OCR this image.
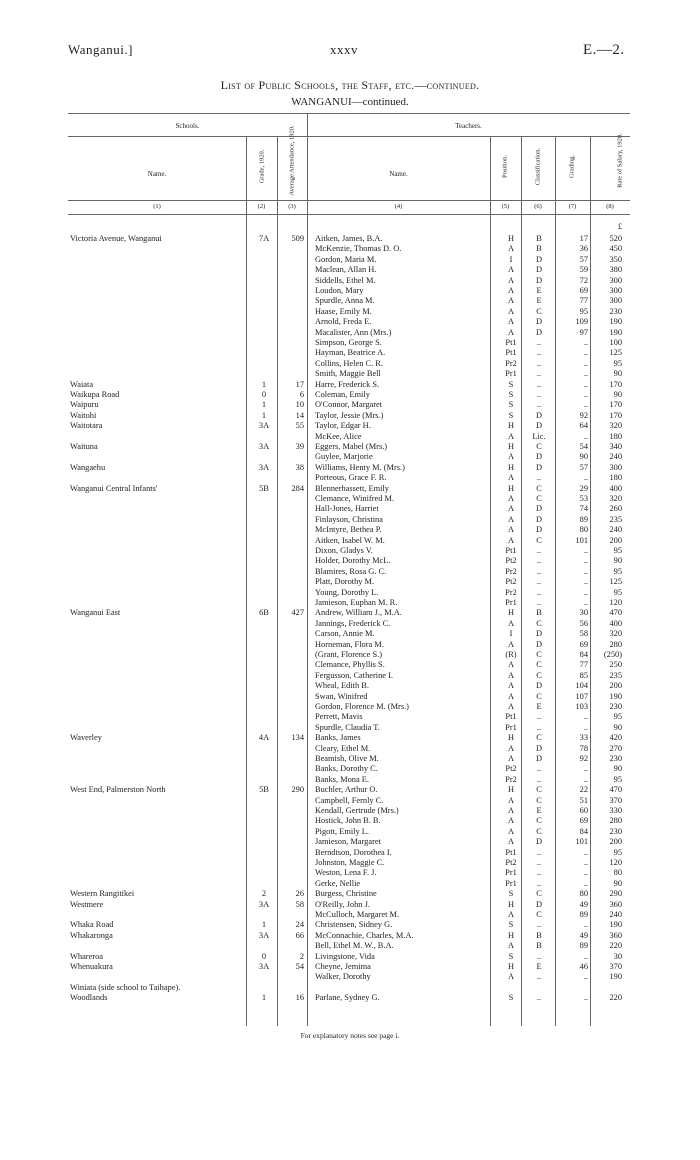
Wanganui.]	xxxv	E.—2.
List of Public Schools, the Staff, etc.—continued.
WANGANUI—continued.
Schools.	Teachers.
Name.	Grade, 1920.	Average Attendance, 1920.	Name.	Position.	Classification.	Grading.	Rate of Salary, 1920.
(1)	(2)	(3)	(4)	(5)	(6)	(7)	(8)
£
Victoria Avenue, Wanganui	7A	509 Aitken, James, B.A.	H	B	17	520
McKenzie, Thomas D. O.	A	B	36	450
Gordon, Maria M.	I	D	57	350
Maclean, Allan H.	A	D	59	380
Siddells, Ethel M.	A	D	72	300
Loudon, Mary	A	E	69	300
Spurdle, Anna M.	A	E	77	300
Haase, Emily M.	A	C	95	230
Arnold, Freda E.	A	D	109	190
Macalister, Ann (Mrs.)	A	D	97	190
Simpson, George S.	Pt1	..	..	100
Hayman, Beatrice A.	Pt1	..	..	125
Collins, Helen C. R.	Pr2	..	..	95
Smith, Maggie Bell	Pr1	..	..	90
Waiata	1	17 Harre, Frederick S.	S	..	..	170
Waikupa Road	0	6 Coleman, Emily	S	..	..	90
Waipuru	1	10 O'Connor, Margaret	S	..	..	170
Waitohi	1	14 Taylor, Jessie (Mrs.)	S	D	92	170
Waitotara	3A	55 Taylor, Edgar H.	H	D	64	320
McKee, Alice	A	Lic.	..	180
Waituna	3A	39 Eggers, Mabel (Mrs.)	H	C	54	340
Guylee, Marjorie	A	D	90	240
Wangaehu	3A	38 Williams, Henty M. (Mrs.)	H	D	57	300
Porteous, Grace F. R.	A	..	..	180
Wanganui Central Infants'	5B	284 Blennerhassett, Emily	H	C	29	400
Clemance, Winifred M.	A	C	53	320
Hall-Jones, Harriet	A	D	74	260
Finlayson, Christina	A	D	89	235
McIntyre, Bethea P.	A	D	80	240
Aitken, Isabel W. M.	A	C	101	200
Dixon, Gladys V.	Pt1	..	..	95
Holder, Dorothy McL.	Pt2	..	..	90
Blamires, Rosa G. C.	Pr2	..	..	95
Platt, Dorothy M.	Pt2	..	..	125
Young, Dorothy L.	Pr2	..	..	95
Jamieson, Euphan M. R.	Pr1	..	..	120
Wanganui East	6B	427 Andrew, William J., M.A.	H	B	30	470
Jannings, Frederick C.	A	C	56	400
Carson, Annie M.	I	D	58	320
Horneman, Flora M.	A	D	69	280
(Grant, Florence S.)	(R)	C	84	(250)
Clemance, Phyllis S.	A	C	77	250
Fergusson, Catherine I.	A	C	85	235
Wheal, Edith B.	A	D	104	200
Swan, Winifred	A	C	107	190
Gordon, Florence M. (Mrs.)	A	E	103	230
Perrett, Mavis	Pt1	..	..	95
Spurdle, Claudia T.	Pr1	..	..	90
Waverley	4A	134 Banks, James	H	C	33	420
Cleary, Ethel M.	A	D	78	270
Beamish, Olive M.	A	D	92	230
Banks, Dorothy C.	Pt2	..	..	90
Banks, Mona E.	Pr2	..	..	95
West End, Palmerston North	5B	290 Buchler, Arthur O.	H	C	22	470
Campbell, Fernly C.	A	C	51	370
Kendall, Gertrude (Mrs.)	A	E	60	330
Hostick, John B. B.	A	C	69	280
Pigott, Emily L.	A	C	84	230
Jamieson, Margaret	A	D	101	200
Berndtson, Dorothea I.	Pt1	..	..	95
Johnston, Maggie C.	Pt2	..	..	120
Weston, Lena F. J.	Pr1	..	..	80
Gerke, Nellie	Pr1	..	..	90
Western Rangitikei	2	26 Burgess, Christine	S	C	80	290
Westmere	3A	58 O'Reilly, John J.	H	D	49	360
McCulloch, Margaret M.	A	C	89	240
Whaka Road	1	24 Christensen, Sidney G.	S	..	..	190
Whakaronga	3A	66 McConnachie, Charles, M.A.	H	B	49	360
Bell, Ethel M. W., B.A.	A	B	89	220
Whareroa	0	2 Livingstone, Vida	S	..	..	30
Whenuakura	3A	54 Cheyne, Jemima	H	E	46	370
Walker, Dorothy	A	..	..	190
Winiata (side school to Taihape).
Woodlands	1	16 Parlane, Sydney G.	S	..	..	220
For explanatory notes see page i.
